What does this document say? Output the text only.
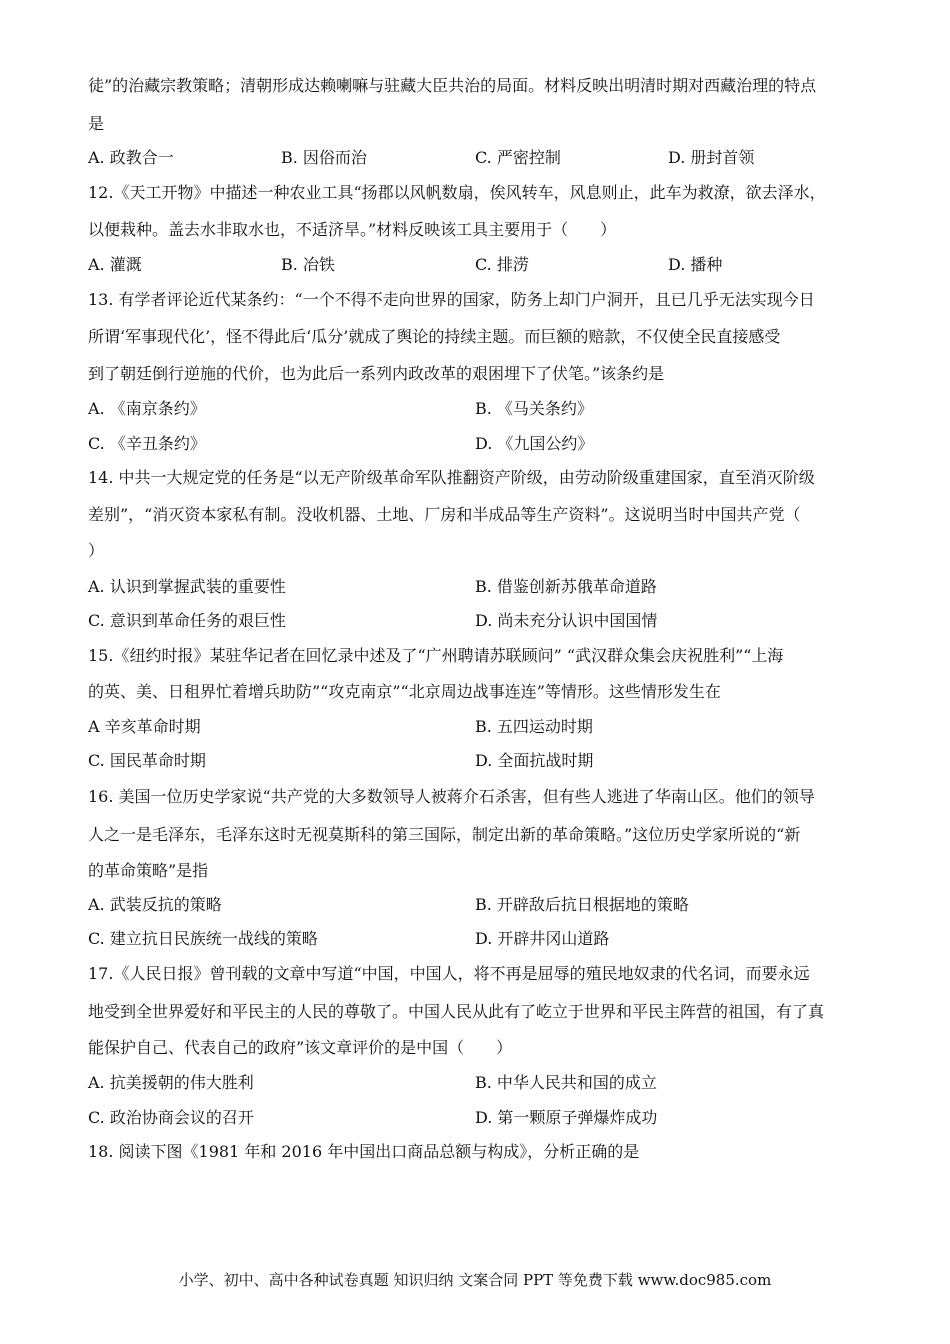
徒”的治藏宗教策略；清朝形成达赖喇嘛与驻藏大臣共治的局面。材料反映出明清时期对西藏治理的特点
是
A. 政教合一	B. 因俗而治	C. 严密控制	D. 册封首领
12.《天工开物》中描述一种农业工具“扬郡以风帆数扇，俟风转车，风息则止，此车为救潦，欲去泽水，
以便栽种。盖去水非取水也，不适济旱。”材料反映该工具主要用于（　　）
A. 灌溉	B. 冶铁	C. 排涝	D. 播种
13. 有学者评论近代某条约：“一个不得不走向世界的国家，防务上却门户洞开，且已几乎无法实现今日
所谓‘军事现代化’，怪不得此后‘瓜分’就成了舆论的持续主题。而巨额的赔款，不仅使全民直接感受
到了朝廷倒行逆施的代价，也为此后一系列内政改革的艰困埋下了伏笔。”该条约是
A. 《南京条约》	B. 《马关条约》
C. 《辛丑条约》	D. 《九国公约》
14. 中共一大规定党的任务是“以无产阶级革命军队推翻资产阶级，由劳动阶级重建国家，直至消灭阶级
差别”，“消灭资本家私有制。没收机器、土地、厂房和半成品等生产资料”。这说明当时中国共产党（
）
A. 认识到掌握武装的重要性	B. 借鉴创新苏俄革命道路
C. 意识到革命任务的艰巨性	D. 尚未充分认识中国国情
15.《纽约时报》某驻华记者在回忆录中述及了“广州聘请苏联顾问” “武汉群众集会庆祝胜利”“上海
的英、美、日租界忙着增兵助防”“攻克南京”“北京周边战事连连”等情形。这些情形发生在
A 辛亥革命时期	B. 五四运动时期
C. 国民革命时期	D. 全面抗战时期
16. 美国一位历史学家说“共产党的大多数领导人被蒋介石杀害，但有些人逃进了华南山区。他们的领导
人之一是毛泽东，毛泽东这时无视莫斯科的第三国际，制定出新的革命策略。”这位历史学家所说的“新
的革命策略”是指
A. 武装反抗的策略	B. 开辟敌后抗日根据地的策略
C. 建立抗日民族统一战线的策略	D. 开辟井冈山道路
17.《人民日报》曾刊载的文章中写道“中国，中国人，将不再是屈辱的殖民地奴隶的代名词，而要永远
地受到全世界爱好和平民主的人民的尊敬了。中国人民从此有了屹立于世界和平民主阵营的祖国，有了真
能保护自己、代表自己的政府”该文章评价的是中国（　　）
A. 抗美援朝的伟大胜利	B. 中华人民共和国的成立
C. 政治协商会议的召开	D. 第一颗原子弹爆炸成功
18. 阅读下图《1981 年和 2016 年中国出口商品总额与构成》，分析正确的是
小学、初中、高中各种试卷真题 知识归纳 文案合同 PPT 等免费下载 www.doc985.com
